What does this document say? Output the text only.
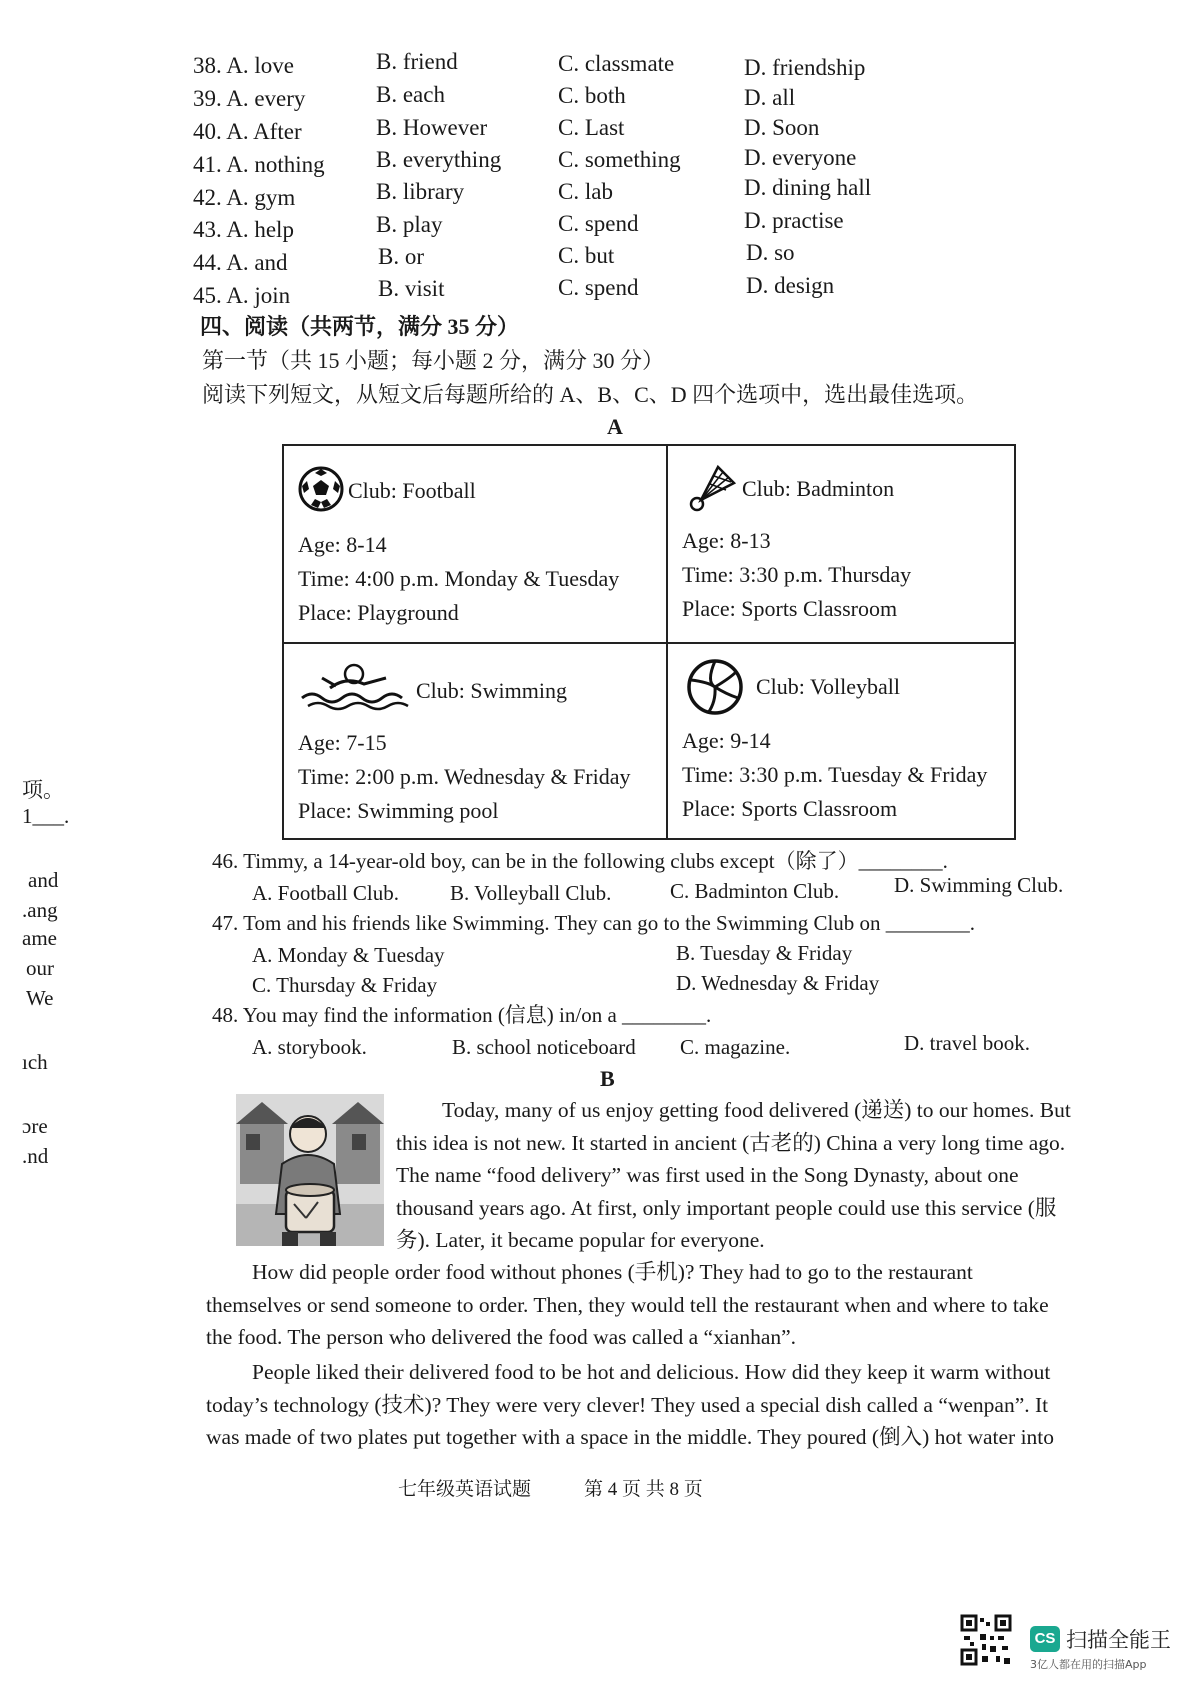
38. A. love	B. friend	C. classmate	D. friendship
39. A. every	B. each	C. both	D. all
40. A. After	B. However	C. Last	D. Soon
41. A. nothing B. everything C. something	D. everyone
42. A. gym	B. library	C. lab	D. dining hall
43. A. help	B. play	C. spend	D. practise
44. A. and	B. or	C. but	D. so
45. A. join	B. visit	C. spend	D. design
四、阅读（共两节，满分 35 分）
第一节（共 15 小题；每小题 2 分，满分 30 分）
阅读下列短文，从短文后每题所给的 A、B、C、D 四个选项中，选出最佳选项。
A
Club: Football
Age: 8-14
Time: 4:00 p.m. Monday & Tuesday
Place: Playground
Club: Badminton
Age: 8-13
Time: 3:30 p.m. Thursday
Place: Sports Classroom
Club: Swimming
Age: 7-15
Time: 2:00 p.m. Wednesday & Friday
Place: Swimming pool
Club: Volleyball
Age: 9-14
Time: 3:30 p.m. Tuesday & Friday
Place: Sports Classroom
46. Timmy, a 14-year-old boy, can be in the following clubs except（除了）________.
A. Football Club. B. Volleyball Club.	C. Badminton Club.	D. Swimming Club.
47. Tom and his friends like Swimming. They can go to the Swimming Club on ________.
A. Monday & Tuesday	B. Tuesday & Friday
C. Thursday & Friday	D. Wednesday & Friday
48. You may find the information (信息) in/on a ________.
A. storybook.	B. school noticeboard C. magazine.	D. travel book.
B
Today, many of us enjoy getting food delivered (递送) to our homes. But
this idea is not new. It started in ancient (古老的) China a very long time ago.
The name “food delivery” was first used in the Song Dynasty, about one
thousand years ago. At first, only important people could use this service (服
务). Later, it became popular for everyone.
How did people order food without phones (手机)? They had to go to the restaurant
themselves or send someone to order. Then, they would tell the restaurant when and where to take
the food. The person who delivered the food was called a “xianhan”.
People liked their delivered food to be hot and delicious. How did they keep it warm without
today’s technology (技术)? They were very clever! They used a special dish called a “wenpan”. It
was made of two plates put together with a space in the middle. They poured (倒入) hot water into
七年级英语试题	第 4 页 共 8 页
项。
1___.
and
.ang
ame
our
We
ıch
ɔre
.nd
CS 扫描全能王
3亿人都在用的扫描App
